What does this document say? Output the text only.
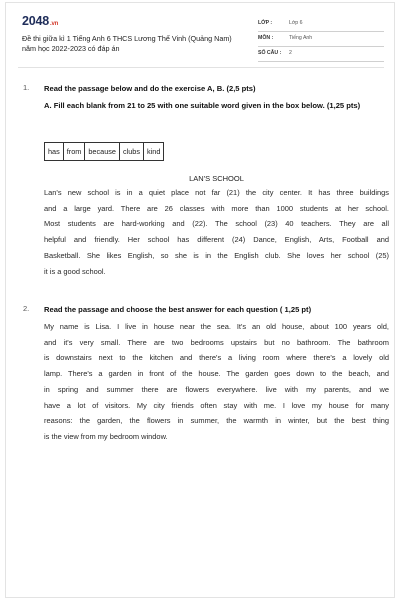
2048.vn
Đề thi giữa kì 1 Tiếng Anh 6 THCS Lương Thế Vinh (Quảng Nam) năm học 2022-2023 có đáp án
LỚP :	Lớp 6
MÔN :	Tiếng Anh
SỐ CÂU : 2
1. Read the passage below and do the exercise A, B. (2,5 pts)
A. Fill each blank from 21 to 25 with one suitable word given in the box below. (1,25 pts)
has from because clubs kind
LAN'S SCHOOL
Lan's new school is in a quiet place not far (21) the city center. It has three buildings
and a large yard. There are 26 classes with more than 1000 students at her school.
Most students are hard-working and (22). The school (23) 40 teachers. They are all
helpful and friendly. Her school has different (24) Dance, English, Arts, Football and
Basketball. She likes English, so she is in the English club. She loves her school (25)
it is a good school.
2. Read the passage and choose the best answer for each question ( 1,25 pt)
My name is Lisa. I live in house near the sea. It's an old house, about 100 years old,
and it's very small. There are two bedrooms upstairs but no bathroom. The bathroom
is downstairs next to the kitchen and there's a living room where there's a lovely old
lamp. There's a garden in front of the house. The garden goes down to the beach, and
in spring and summer there are flowers everywhere. live with my parents, and we
have a lot of visitors. My city friends often stay with me. I love my house for many
reasons: the garden, the flowers in summer, the warmth in winter, but the best thing
is the view from my bedroom window.
